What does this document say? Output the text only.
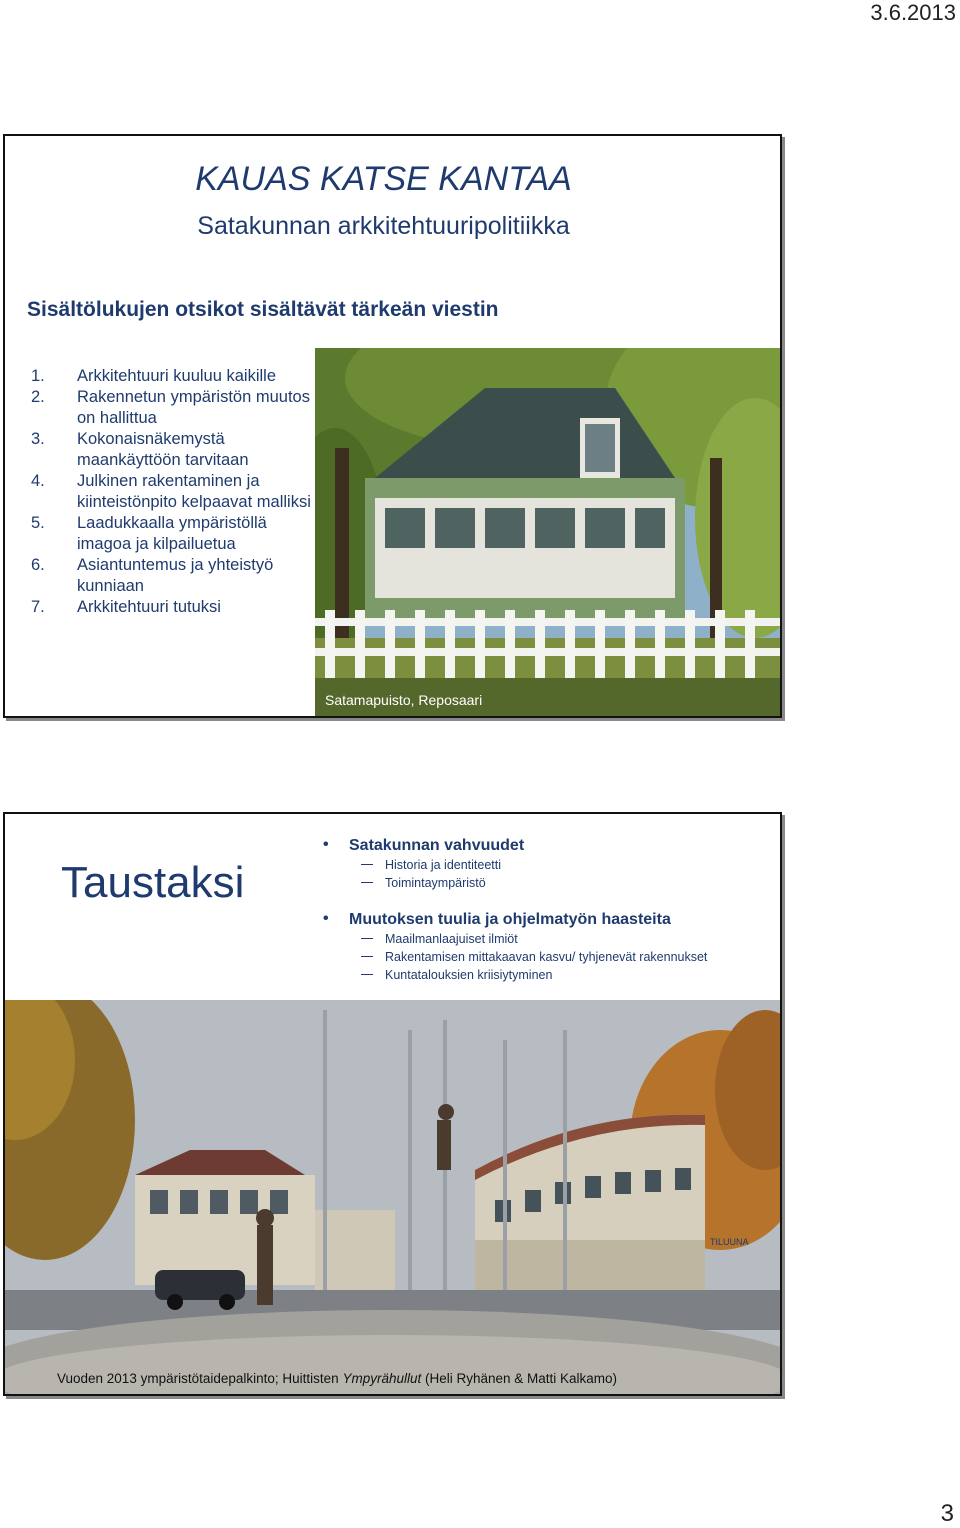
3.6.2013
KAUAS KATSE KANTAA
Satakunnan arkkitehtuuripolitiikka
Sisältölukujen otsikot sisältävät tärkeän viestin
1. Arkkitehtuuri kuuluu kaikille
2. Rakennetun ympäristön muutos on hallittua
3. Kokonaisnäkemystä maankäyttöön tarvitaan
4. Julkinen rakentaminen ja kiinteistönpito kelpaavat malliksi
5. Laadukkaalla ympäristöllä imagoa ja kilpailuetua
6. Asiantuntemus ja yhteistyö kunniaan
7. Arkkitehtuuri tutuksi
Satamapuisto, Reposaari
Taustaksi
• Satakunnan vahvuudet
Historia ja identiteetti
Toimintaympäristö
• Muutoksen tuulia ja ohjelmatyön haasteita
Maailmanlaajuiset ilmiöt
Rakentamisen mittakaavan kasvu/ tyhjenevät rakennukset
Kuntatalouksien kriisiytyminen
TILUUNA
Vuoden 2013 ympäristötaidepalkinto; Huittisten Ympyrähullut (Heli Ryhänen & Matti Kalkamo)
3
